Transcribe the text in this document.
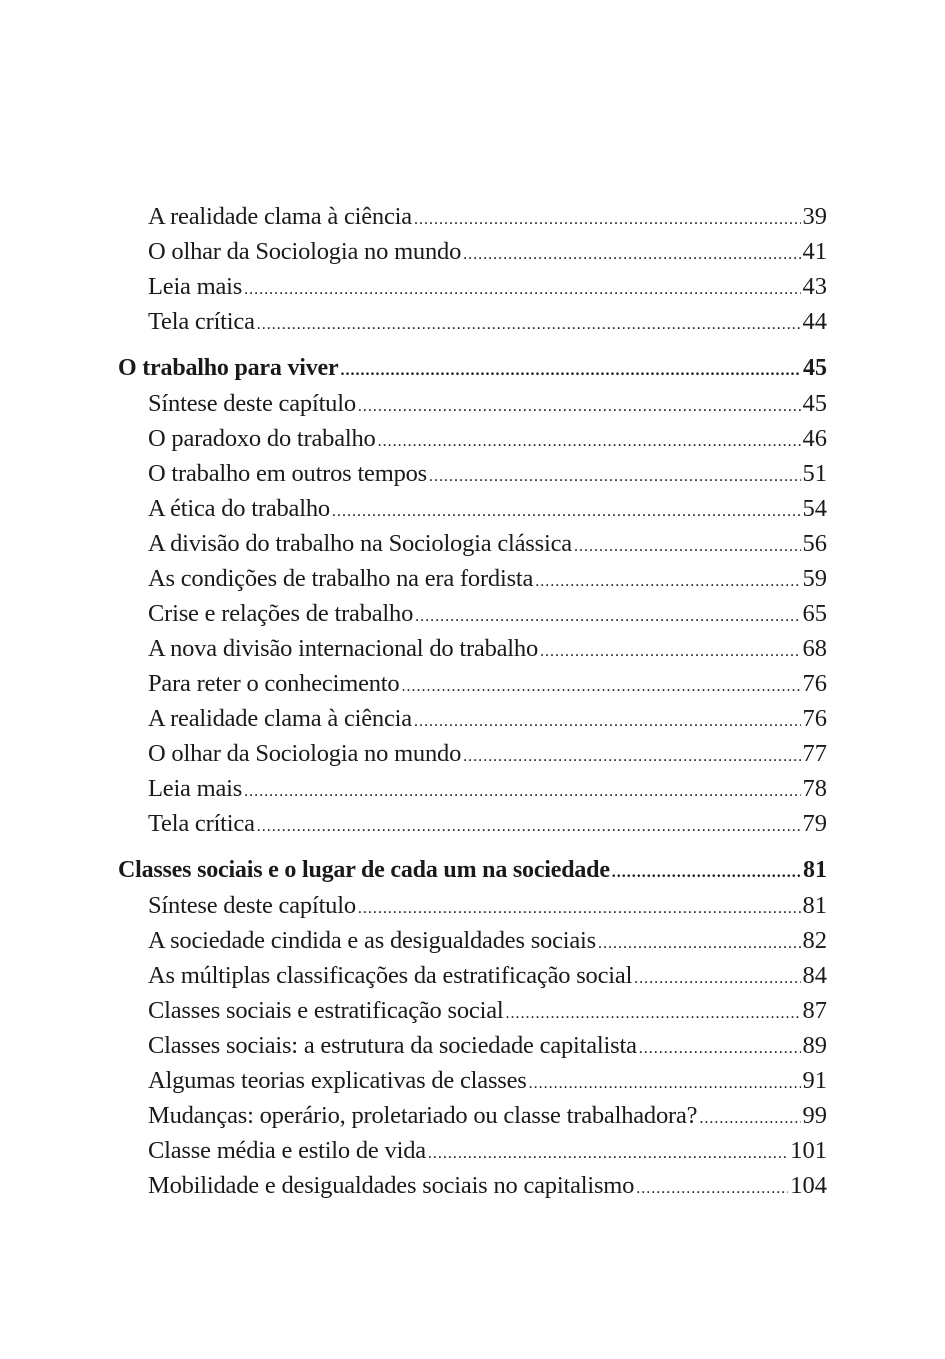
A realidade clama à ciência .....	39
O olhar da Sociologia no mundo .....	41
Leia mais .....	43
Tela crítica .....	44
O trabalho para viver .....	45
Síntese deste capítulo .....	45
O paradoxo do trabalho .....	46
O trabalho em outros tempos .....	51
A ética do trabalho .....	54
A divisão do trabalho na Sociologia clássica .....	56
As condições de trabalho na era fordista .....	59
Crise e relações de trabalho .....	65
A nova divisão internacional do trabalho .....	68
Para reter o conhecimento .....	76
A realidade clama à ciência .....	76
O olhar da Sociologia no mundo .....	77
Leia mais .....	78
Tela crítica .....	79
Classes sociais e o lugar de cada um na sociedade .....	81
Síntese deste capítulo .....	81
A sociedade cindida e as desigualdades sociais .....	82
As múltiplas classificações da estratificação social .....	84
Classes sociais e estratificação social .....	87
Classes sociais: a estrutura da sociedade capitalista .....	89
Algumas teorias explicativas de classes .....	91
Mudanças: operário, proletariado ou classe trabalhadora? .....	99
Classe média e estilo de vida .....	101
Mobilidade e desigualdades sociais no capitalismo .....	104
